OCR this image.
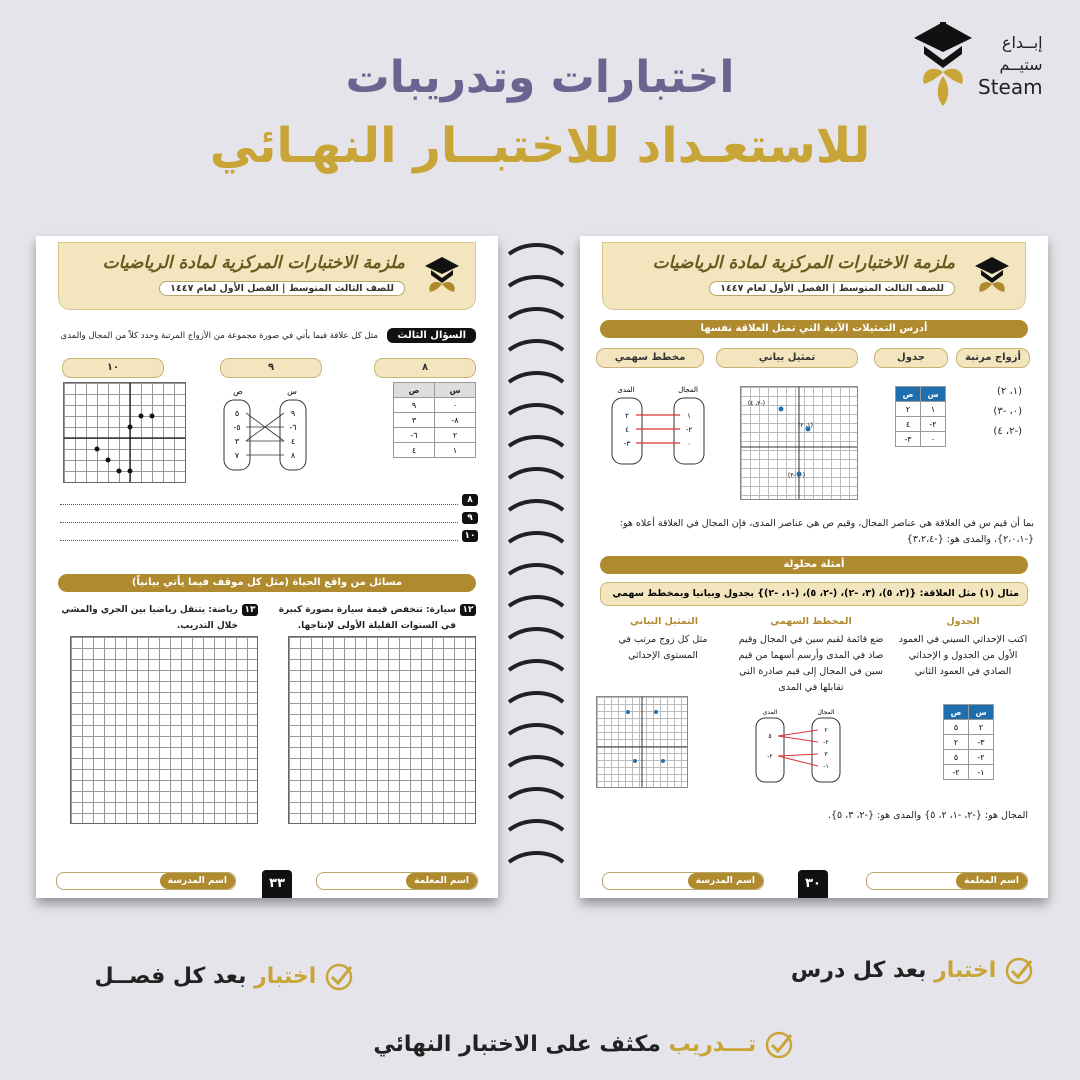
إبــداع
ستيــم
Steam
اختبارات وتدريبات
للاستعـداد للاختبــار النهـائي
ملزمة الاختبارات المركزية لمادة الرياضيات
للصف الثالث المتوسط | الفصل الأول لعام ١٤٤٧
السؤال الثالث
مثل كل علاقة فيما يأتي في صورة مجموعة من الأزواج المرتبة وحدد كلاً من المجال والمدى
٨
٩
١٠
س	ص
٠	٩
٨-	٣
٢	٦-
١	٤
س
ص
٩
٦-
٤
٨
٥
٥-
٣
٧
٨
٩
١٠
مسائل من واقع الحياة (مثل كل موقف فيما يأتي بيانياً)
١٢
سيارة: تنخفض قيمة سيارة بصورة كبيرة في السنوات القليلة الأولى لإنتاجها.
١٣
رياضة: يتنقل رياضيا بين الجري والمشي خلال التدريب.
اسم المعلمة
٣٣
اسم المدرسة
ملزمة الاختبارات المركزية لمادة الرياضيات
للصف الثالث المتوسط | الفصل الأول لعام ١٤٤٧
أدرس التمثيلات الآتية التي تمثل العلاقة نفسها
أزواج مرتبة
جدول
تمثيل بياني
مخطط سهمي
(١، ٢)
(٠، -٣)
(-٢، ٤)
س	ص
١	٢
٢-	٤
٠	٣-
(-٢، ٤)
(١، ٢)
(٠، -٣)
المجال
المدى
١
٢-
٠
٢
٤
٣-
بما أن قيم س في العلاقة هي عناصر المجال، وقيم ص هي عناصر المدى، فإن المجال في العلاقة أعلاه هو: {-٢،٠،١}، والمدى هو: {-٣،٢،٤}
أمثلة محلولة
مثال (١) مثل العلاقة: {(٢، ٥)، (٣، -٢)، (-٢، ٥)، (-١، -٢)} بجدول وبيانيا وبمخطط سهمي
الجدول
اكتب الإحداثي السيني في العمود الأول من الجدول و الإحداثي الصادي في العمود الثاني
المخطط السهمي
ضع قائمة لقيم سين في المجال وقيم صاد في المدى وأرسم أسهما من قيم سين في المجال إلى قيم صادرة التي تقابلها في المدى
التمثيل البياني
مثل كل زوج مرتب في المستوى الإحداثي
س	ص
٢	٥
٣-	٢
٢-	٥
١-	٢-
المجال
المدى
٢
٢-
٣
١-
٥
٢-
المجال هو: {-٢، -١، ٢، ٥} والمدى هو: {-٢، ٣، ٥}.
اسم المعلمة
٣٠
اسم المدرسة
اختبار بعد كل درس
اختبار بعد كل فصــل
تـــدريب مكثف على الاختبار النهائي
